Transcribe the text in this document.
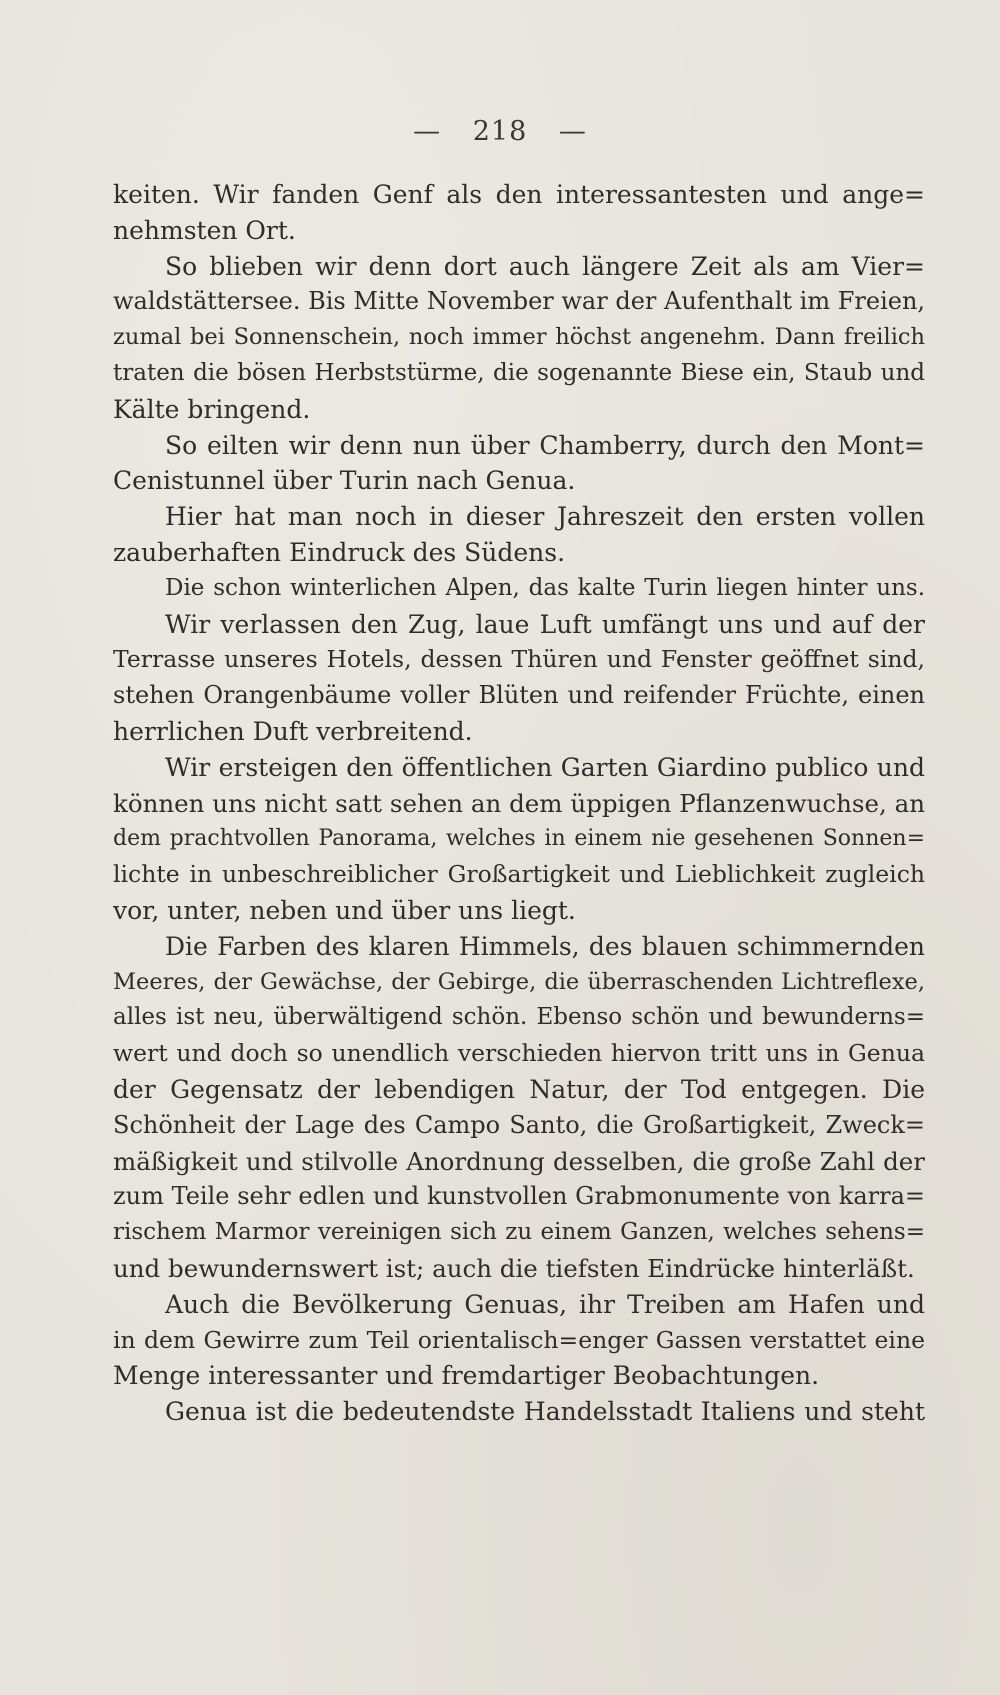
— 218 —
keiten. Wir fanden Genf als den interessantesten und ange=
nehmsten Ort.
So blieben wir denn dort auch längere Zeit als am Vier=
waldstättersee. Bis Mitte November war der Aufenthalt im Freien,
zumal bei Sonnenschein, noch immer höchst angenehm. Dann freilich
traten die bösen Herbststürme, die sogenannte Biese ein, Staub und
Kälte bringend.
So eilten wir denn nun über Chamberry, durch den Mont=
Cenistunnel über Turin nach Genua.
Hier hat man noch in dieser Jahreszeit den ersten vollen
zauberhaften Eindruck des Südens.
Die schon winterlichen Alpen, das kalte Turin liegen hinter uns.
Wir verlassen den Zug, laue Luft umfängt uns und auf der
Terrasse unseres Hotels, dessen Thüren und Fenster geöffnet sind,
stehen Orangenbäume voller Blüten und reifender Früchte, einen
herrlichen Duft verbreitend.
Wir ersteigen den öffentlichen Garten Giardino publico und
können uns nicht satt sehen an dem üppigen Pflanzenwuchse, an
dem prachtvollen Panorama, welches in einem nie gesehenen Sonnen=
lichte in unbeschreiblicher Großartigkeit und Lieblichkeit zugleich
vor, unter, neben und über uns liegt.
Die Farben des klaren Himmels, des blauen schimmernden
Meeres, der Gewächse, der Gebirge, die überraschenden Lichtreflexe,
alles ist neu, überwältigend schön. Ebenso schön und bewunderns=
wert und doch so unendlich verschieden hiervon tritt uns in Genua
der Gegensatz der lebendigen Natur, der Tod entgegen. Die
Schönheit der Lage des Campo Santo, die Großartigkeit, Zweck=
mäßigkeit und stilvolle Anordnung desselben, die große Zahl der
zum Teile sehr edlen und kunstvollen Grabmonumente von karra=
rischem Marmor vereinigen sich zu einem Ganzen, welches sehens=
und bewundernswert ist; auch die tiefsten Eindrücke hinterläßt.
Auch die Bevölkerung Genuas, ihr Treiben am Hafen und
in dem Gewirre zum Teil orientalisch=enger Gassen verstattet eine
Menge interessanter und fremdartiger Beobachtungen.
Genua ist die bedeutendste Handelsstadt Italiens und steht
